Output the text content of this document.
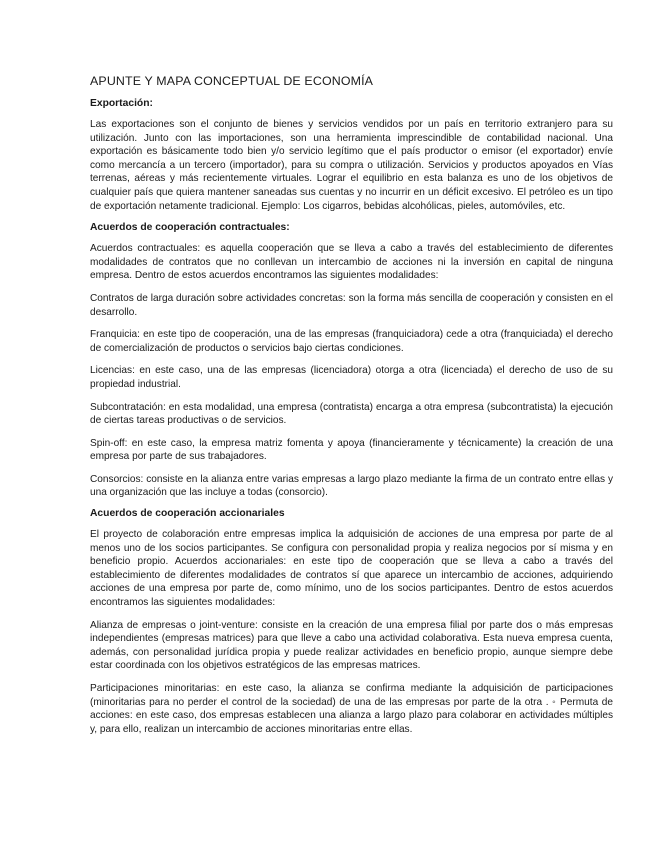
APUNTE Y MAPA CONCEPTUAL DE ECONOMÍA
Exportación:

Las exportaciones son el conjunto de bienes y servicios vendidos por un país en territorio extranjero para su utilización. Junto con las importaciones, son una herramienta imprescindible de contabilidad nacional. Una exportación es básicamente todo bien y/o servicio legítimo que el país productor o emisor (el exportador) envíe como mercancía a un tercero (importador), para su compra o utilización. Servicios y productos apoyados en Vías terrenas, aéreas y más recientemente virtuales. Lograr el equilibrio en esta balanza es uno de los objetivos de cualquier país que quiera mantener saneadas sus cuentas y no incurrir en un déficit excesivo. El petróleo es un tipo de exportación netamente tradicional. Ejemplo: Los cigarros, bebidas alcohólicas, pieles, automóviles, etc.

Acuerdos de cooperación contractuales:

Acuerdos contractuales: es aquella cooperación que se lleva a cabo a través del establecimiento de diferentes modalidades de contratos que no conllevan un intercambio de acciones ni la inversión en capital de ninguna empresa. Dentro de estos acuerdos encontramos las siguientes modalidades:

Contratos de larga duración sobre actividades concretas: son la forma más sencilla de cooperación y consisten en el desarrollo.

Franquicia: en este tipo de cooperación, una de las empresas (franquiciadora) cede a otra (franquiciada) el derecho de comercialización de productos o servicios bajo ciertas condiciones.

Licencias: en este caso, una de las empresas (licenciadora) otorga a otra (licenciada) el derecho de uso de su propiedad industrial.

Subcontratación: en esta modalidad, una empresa (contratista) encarga a otra empresa (subcontratista) la ejecución de ciertas tareas productivas o de servicios.

Spin-off: en este caso, la empresa matriz fomenta y apoya (financieramente y técnicamente) la creación de una empresa por parte de sus trabajadores.

Consorcios: consiste en la alianza entre varias empresas a largo plazo mediante la firma de un contrato entre ellas y una organización que las incluye a todas (consorcio).

Acuerdos de cooperación accionariales

El proyecto de colaboración entre empresas implica la adquisición de acciones de una empresa por parte de al menos uno de los socios participantes. Se configura con personalidad propia y realiza negocios por sí misma y en beneficio propio. Acuerdos accionariales: en este tipo de cooperación que se lleva a cabo a través del establecimiento de diferentes modalidades de contratos sí que aparece un intercambio de acciones, adquiriendo acciones de una empresa por parte de, como mínimo, uno de los socios participantes. Dentro de estos acuerdos encontramos las siguientes modalidades:

Alianza de empresas o joint-venture: consiste en la creación de una empresa filial por parte dos o más empresas independientes (empresas matrices) para que lleve a cabo una actividad colaborativa. Esta nueva empresa cuenta, además, con personalidad jurídica propia y puede realizar actividades en beneficio propio, aunque siempre debe estar coordinada con los objetivos estratégicos de las empresas matrices.

Participaciones minoritarias: en este caso, la alianza se confirma mediante la adquisición de participaciones (minoritarias para no perder el control de la sociedad) de una de las empresas por parte de la otra . ◦ Permuta de acciones: en este caso, dos empresas establecen una alianza a largo plazo para colaborar en actividades múltiples y, para ello, realizan un intercambio de acciones minoritarias entre ellas.
